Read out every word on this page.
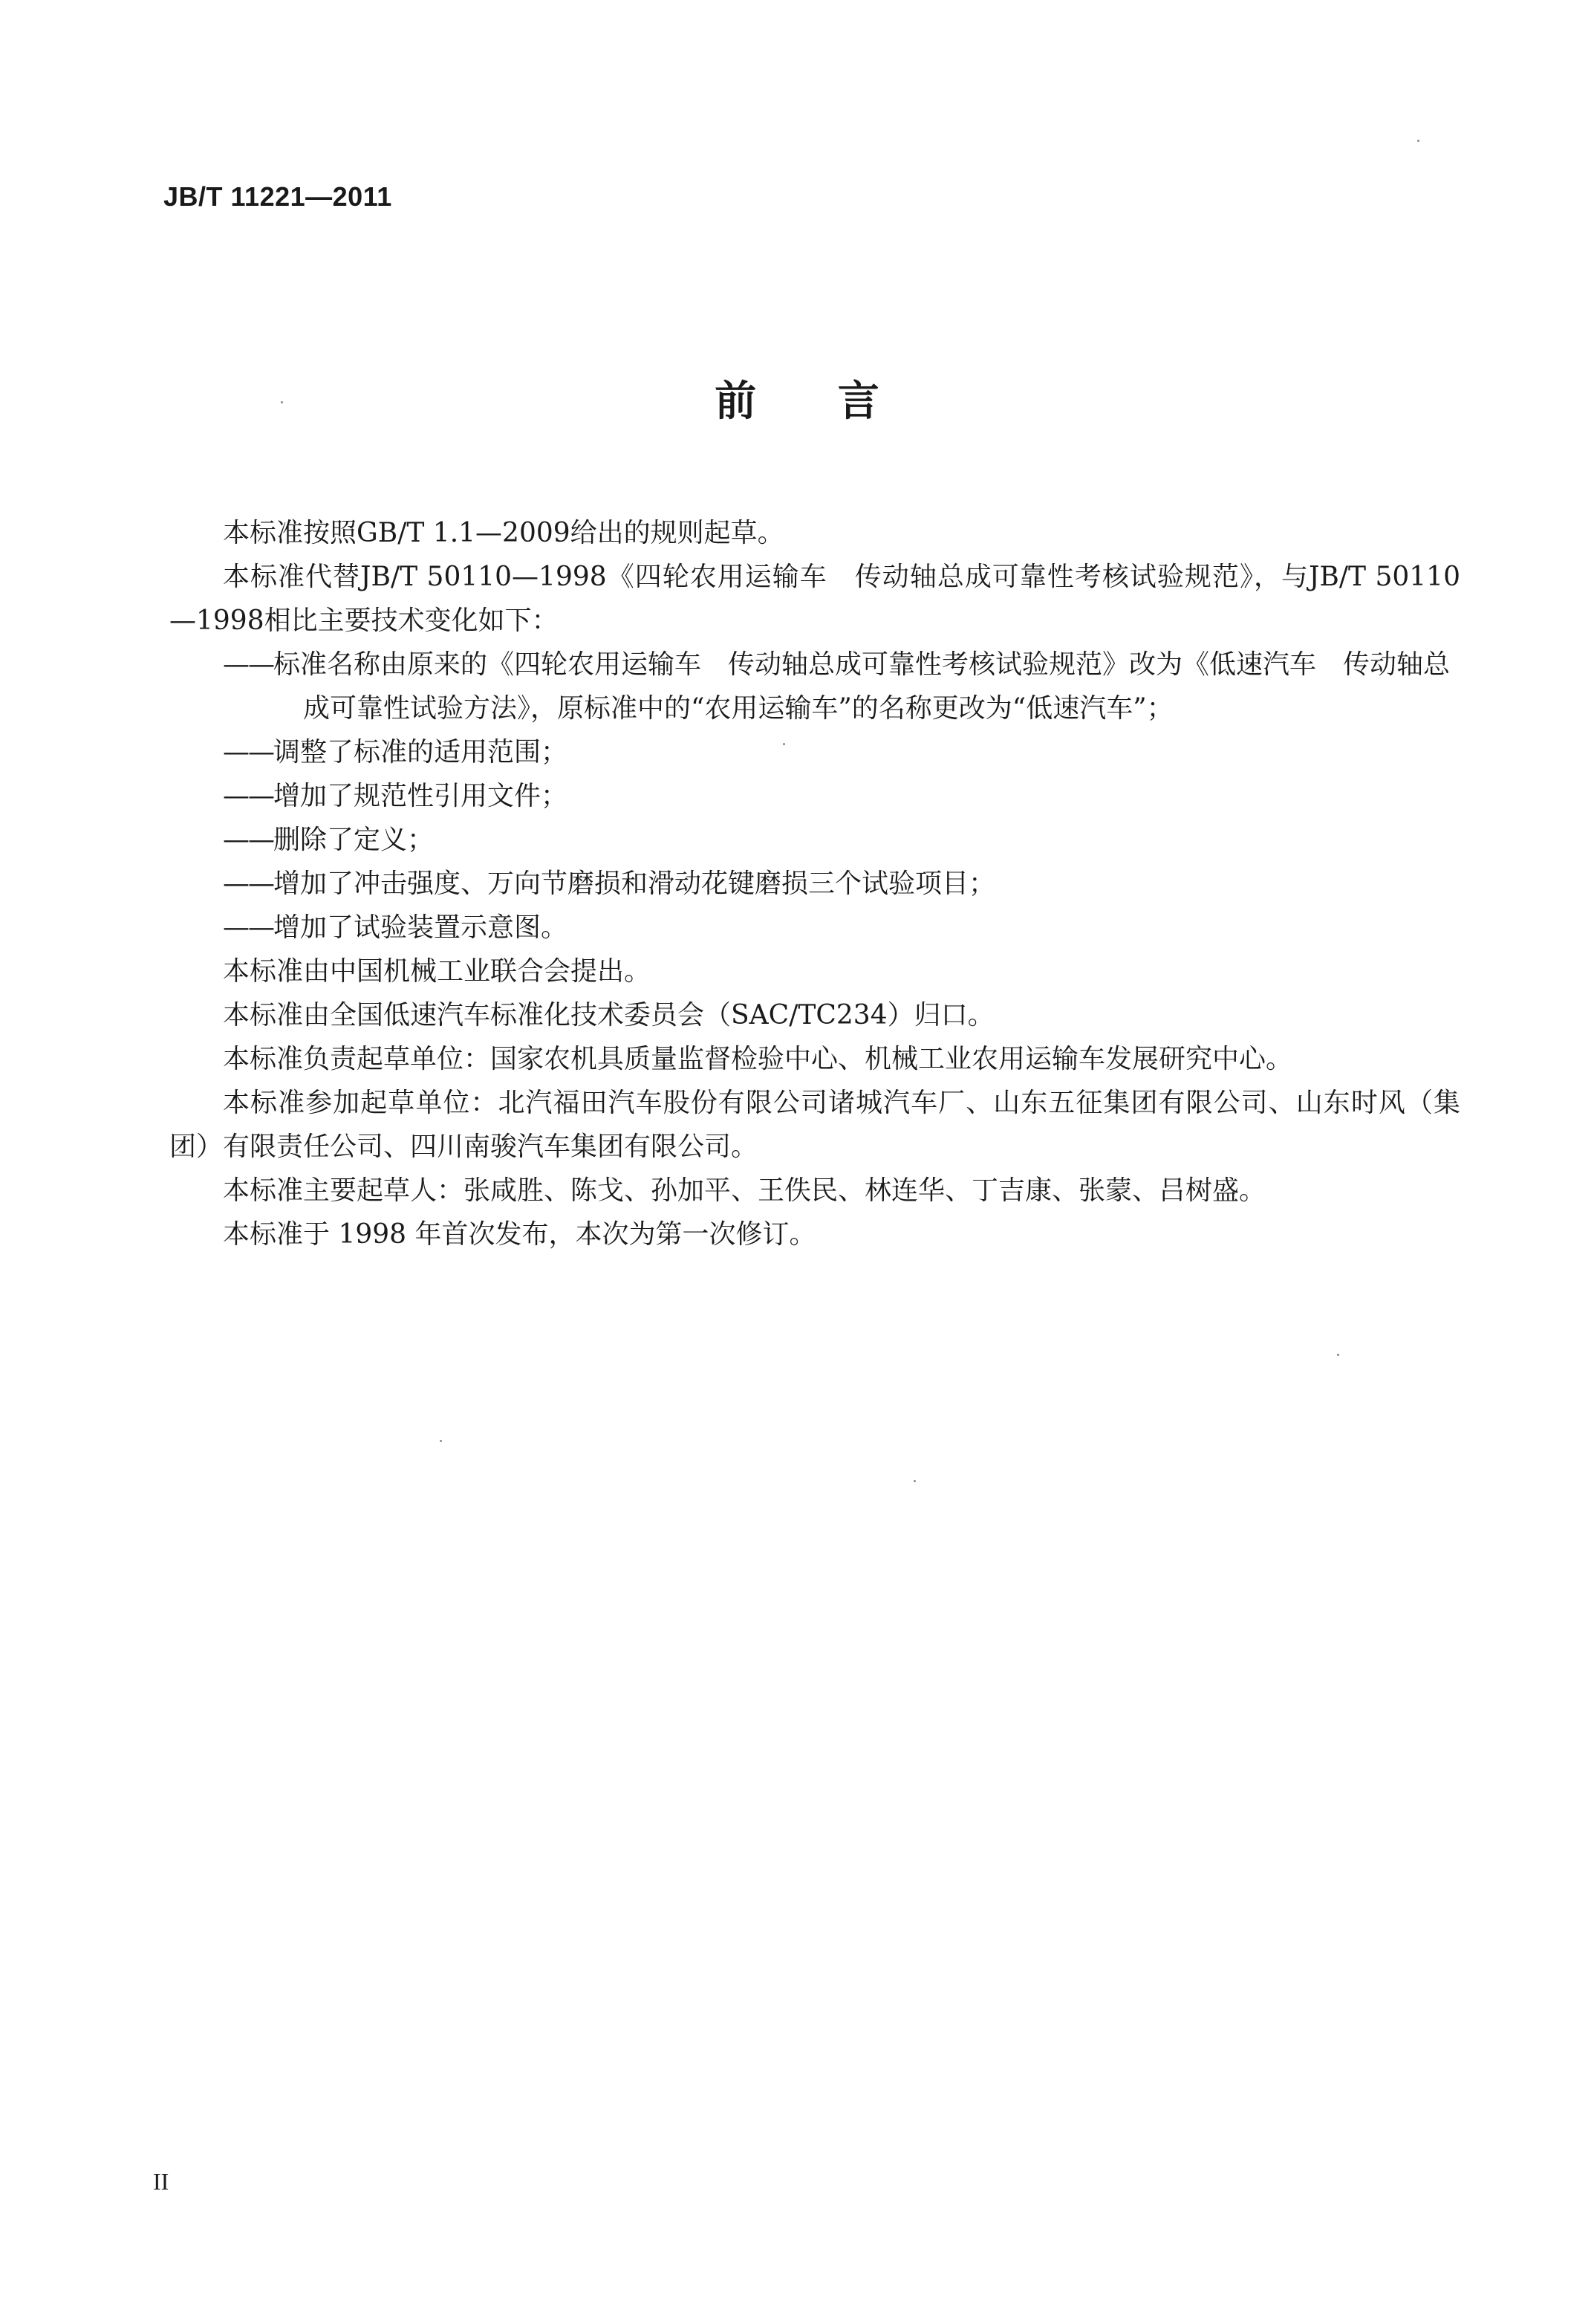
JB/T 11221—2011
前 言

本标准按照GB/T 1.1—2009给出的规则起草。

本标准代替JB/T 50110—1998《四轮农用运输车　传动轴总成可靠性考核试验规范》，与JB/T 50110—1998相比主要技术变化如下：

——标准名称由原来的《四轮农用运输车　传动轴总成可靠性考核试验规范》改为《低速汽车　传动轴总成可靠性试验方法》，原标准中的“农用运输车”的名称更改为“低速汽车”；

——调整了标准的适用范围；

——增加了规范性引用文件；

——删除了定义；

——增加了冲击强度、万向节磨损和滑动花键磨损三个试验项目；

——增加了试验装置示意图。

本标准由中国机械工业联合会提出。

本标准由全国低速汽车标准化技术委员会（SAC/TC234）归口。

本标准负责起草单位：国家农机具质量监督检验中心、机械工业农用运输车发展研究中心。

本标准参加起草单位：北汽福田汽车股份有限公司诸城汽车厂、山东五征集团有限公司、山东时风（集团）有限责任公司、四川南骏汽车集团有限公司。

本标准主要起草人：张咸胜、陈戈、孙加平、王佚民、林连华、丁吉康、张蒙、吕树盛。

本标准于 1998 年首次发布，本次为第一次修订。

II
